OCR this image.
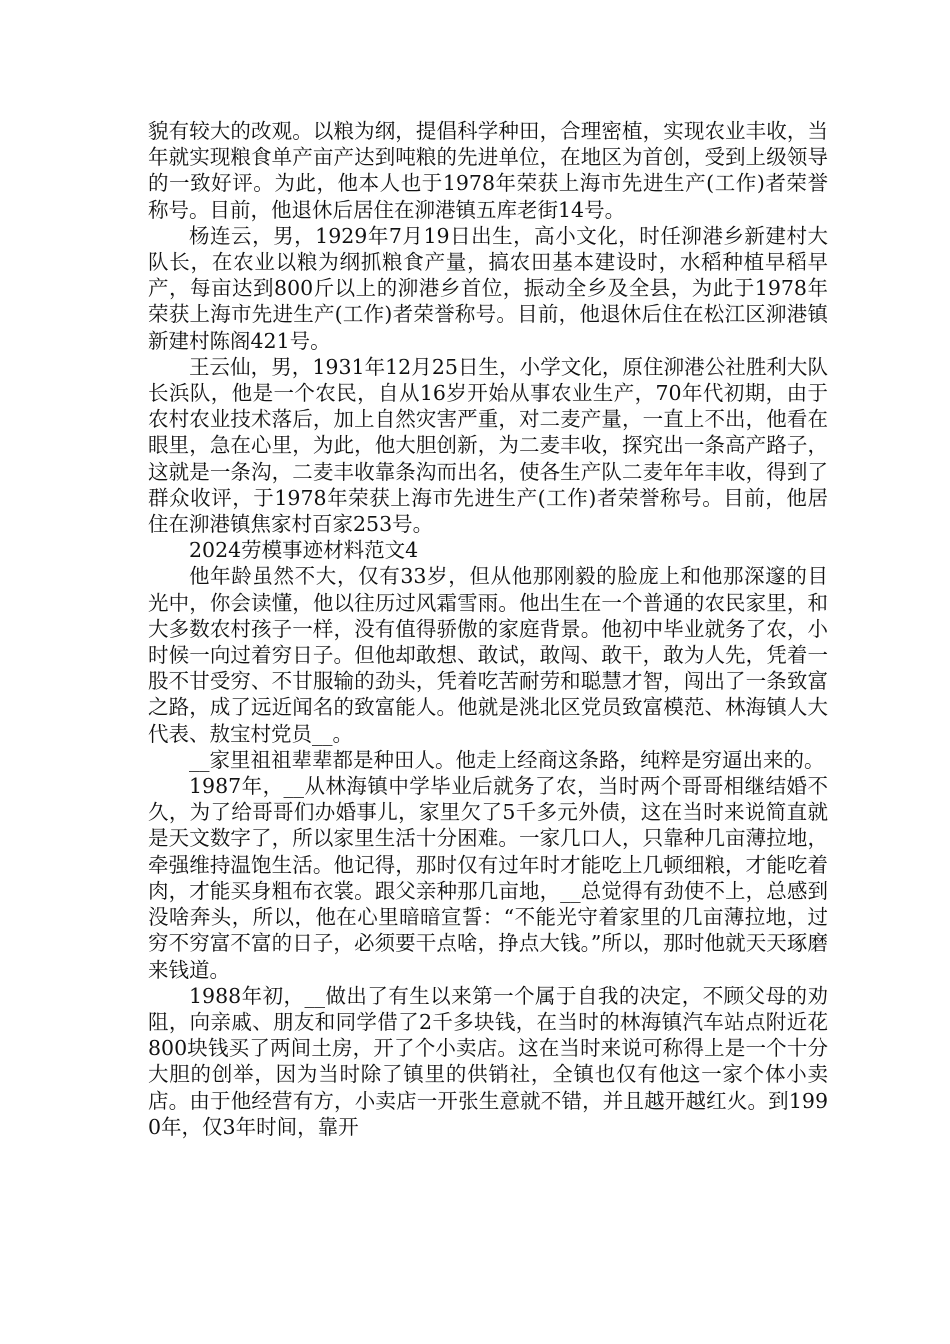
貌有较大的改观。以粮为纲，提倡科学种田，合理密植，实现农业丰收，当年就实现粮食单产亩产达到吨粮的先进单位，在地区为首创，受到上级领导的一致好评。为此，他本人也于1978年荣获上海市先进生产(工作)者荣誉称号。目前，他退休后居住在泖港镇五库老街14号。

杨连云，男，1929年7月19日出生，高小文化，时任泖港乡新建村大队长，在农业以粮为纲抓粮食产量，搞农田基本建设时，水稻种植早稻早产，每亩达到800斤以上的泖港乡首位，振动全乡及全县，为此于1978年荣获上海市先进生产(工作)者荣誉称号。目前，他退休后住在松江区泖港镇新建村陈阁421号。

王云仙，男，1931年12月25日生，小学文化，原住泖港公社胜利大队长浜队，他是一个农民，自从16岁开始从事农业生产，70年代初期，由于农村农业技术落后，加上自然灾害严重，对二麦产量，一直上不出，他看在眼里，急在心里，为此，他大胆创新，为二麦丰收，探究出一条高产路子，这就是一条沟，二麦丰收靠条沟而出名，使各生产队二麦年年丰收，得到了群众收评，于1978年荣获上海市先进生产(工作)者荣誉称号。目前，他居住在泖港镇焦家村百家253号。

2024劳模事迹材料范文4

他年龄虽然不大，仅有33岁，但从他那刚毅的脸庞上和他那深邃的目光中，你会读懂，他以往历过风霜雪雨。他出生在一个普通的农民家里，和大多数农村孩子一样，没有值得骄傲的家庭背景。他初中毕业就务了农，小时候一向过着穷日子。但他却敢想、敢试，敢闯、敢干，敢为人先，凭着一股不甘受穷、不甘服输的劲头，凭着吃苦耐劳和聪慧才智，闯出了一条致富之路，成了远近闻名的致富能人。他就是洮北区党员致富模范、林海镇人大代表、敖宝村党员__。

__家里祖祖辈辈都是种田人。他走上经商这条路，纯粹是穷逼出来的。

1987年，__从林海镇中学毕业后就务了农，当时两个哥哥相继结婚不久，为了给哥哥们办婚事儿，家里欠了5千多元外债，这在当时来说简直就是天文数字了，所以家里生活十分困难。一家几口人，只靠种几亩薄拉地，牵强维持温饱生活。他记得，那时仅有过年时才能吃上几顿细粮，才能吃着肉，才能买身粗布衣裳。跟父亲种那几亩地，__总觉得有劲使不上，总感到没啥奔头，所以，他在心里暗暗宣誓：“不能光守着家里的几亩薄拉地，过穷不穷富不富的日子，必须要干点啥，挣点大钱。”所以，那时他就天天琢磨来钱道。

1988年初，__做出了有生以来第一个属于自我的决定，不顾父母的劝阻，向亲戚、朋友和同学借了2千多块钱，在当时的林海镇汽车站点附近花800块钱买了两间土房，开了个小卖店。这在当时来说可称得上是一个十分大胆的创举，因为当时除了镇里的供销社，全镇也仅有他这一家个体小卖店。由于他经营有方，小卖店一开张生意就不错，并且越开越红火。到1990年，仅3年时间，靠开
